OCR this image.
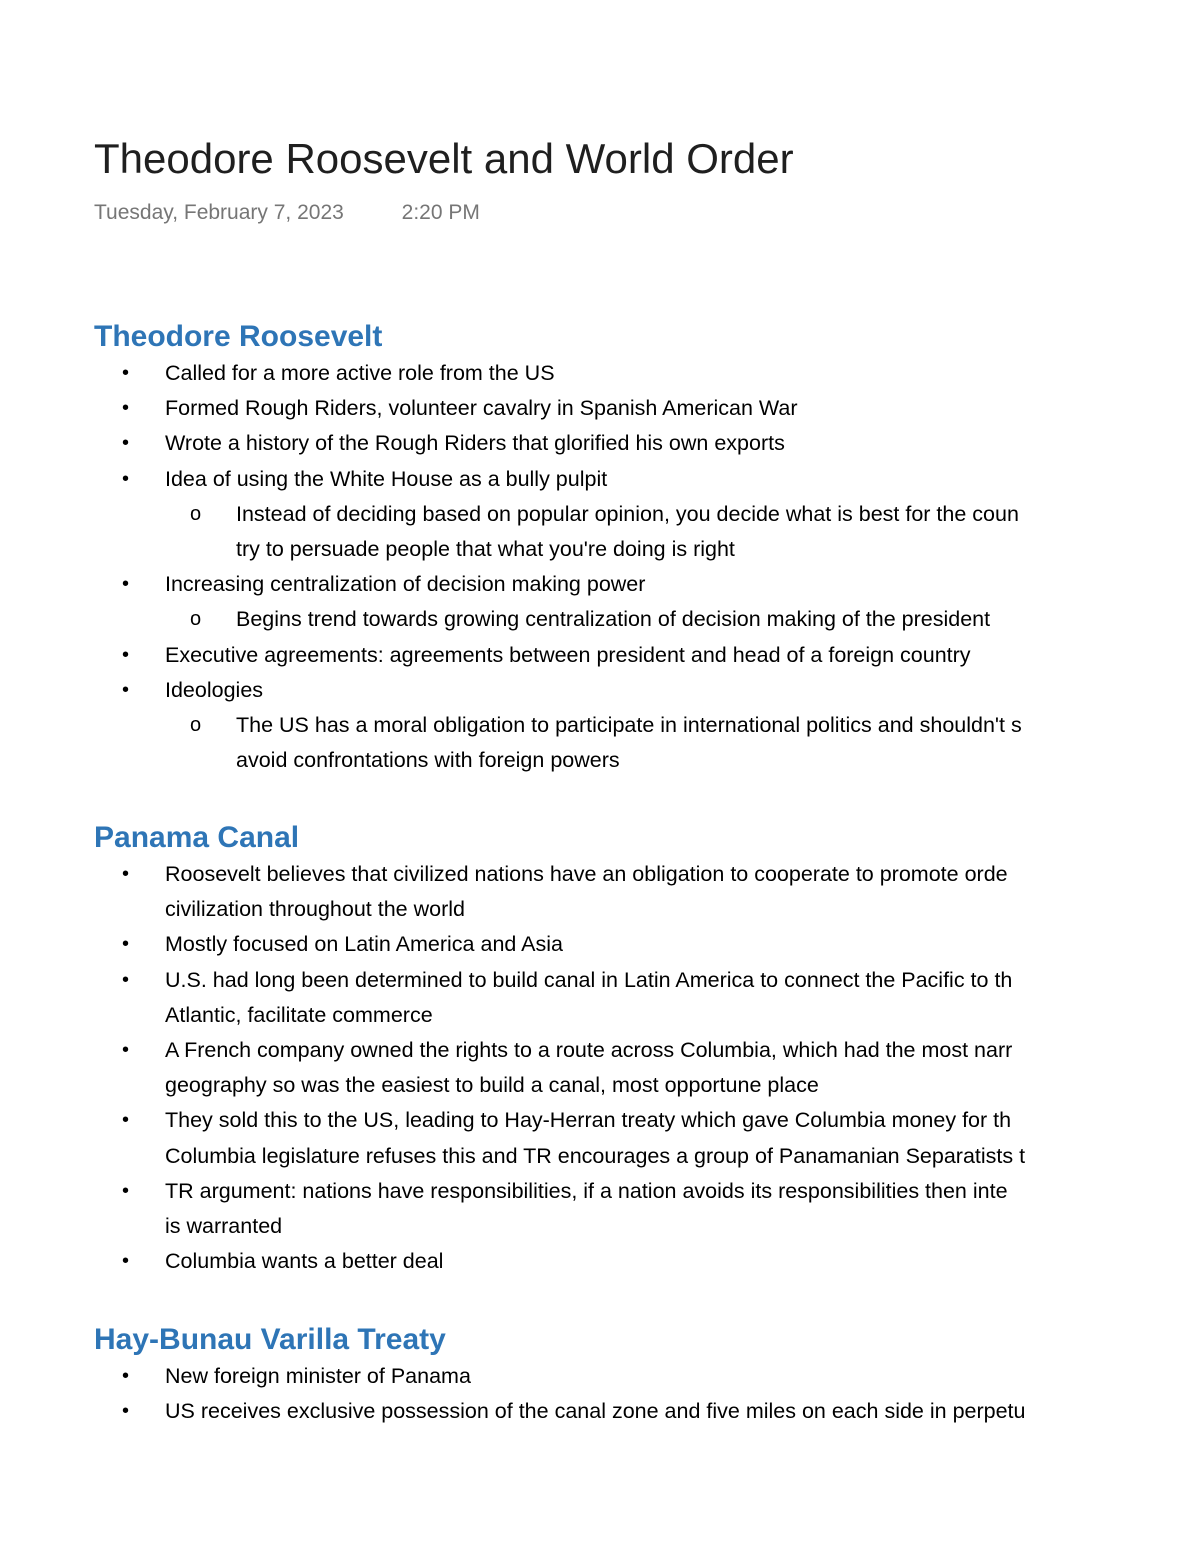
Theodore Roosevelt and World Order
Tuesday, February 7, 2023	2:20 PM
Theodore Roosevelt
• Called for a more active role from the US
• Formed Rough Riders, volunteer cavalry in Spanish American War
• Wrote a history of the Rough Riders that glorified his own exports
• Idea of using the White House as a bully pulpit
o Instead of deciding based on popular opinion, you decide what is best for the coun
try to persuade people that what you're doing is right
• Increasing centralization of decision making power
o Begins trend towards growing centralization of decision making of the president
• Executive agreements: agreements between president and head of a foreign country
• Ideologies
o The US has a moral obligation to participate in international politics and shouldn't s
avoid confrontations with foreign powers
Panama Canal
• Roosevelt believes that civilized nations have an obligation to cooperate to promote orde
civilization throughout the world
• Mostly focused on Latin America and Asia
• U.S. had long been determined to build canal in Latin America to connect the Pacific to th
Atlantic, facilitate commerce
• A French company owned the rights to a route across Columbia, which had the most narr
geography so was the easiest to build a canal, most opportune place
• They sold this to the US, leading to Hay-Herran treaty which gave Columbia money for th
Columbia legislature refuses this and TR encourages a group of Panamanian Separatists t
• TR argument: nations have responsibilities, if a nation avoids its responsibilities then inte
is warranted
• Columbia wants a better deal
Hay-Bunau Varilla Treaty
• New foreign minister of Panama
• US receives exclusive possession of the canal zone and five miles on each side in perpetu
